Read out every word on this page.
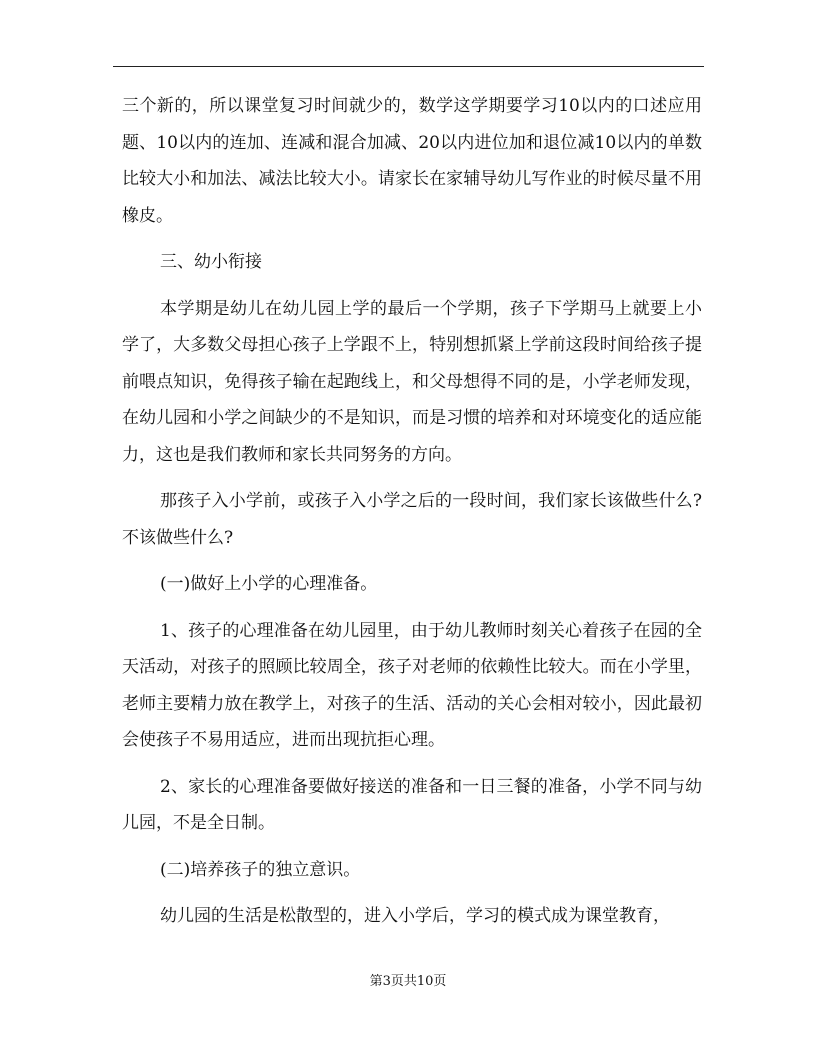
三个新的，所以课堂复习时间就少的，数学这学期要学习10以内的口述应用题、10以内的连加、连减和混合加减、20以内进位加和退位减10以内的单数比较大小和加法、减法比较大小。请家长在家辅导幼儿写作业的时候尽量不用橡皮。

三、幼小衔接

本学期是幼儿在幼儿园上学的最后一个学期，孩子下学期马上就要上小学了，大多数父母担心孩子上学跟不上，特别想抓紧上学前这段时间给孩子提前喂点知识，免得孩子输在起跑线上，和父母想得不同的是，小学老师发现，在幼儿园和小学之间缺少的不是知识，而是习惯的培养和对环境变化的适应能力，这也是我们教师和家长共同努务的方向。

那孩子入小学前，或孩子入小学之后的一段时间，我们家长该做些什么?不该做些什么?

(一)做好上小学的心理准备。

1、孩子的心理准备在幼儿园里，由于幼儿教师时刻关心着孩子在园的全天活动，对孩子的照顾比较周全，孩子对老师的依赖性比较大。而在小学里，老师主要精力放在教学上，对孩子的生活、活动的关心会相对较小，因此最初会使孩子不易用适应，进而出现抗拒心理。

2、家长的心理准备要做好接送的准备和一日三餐的准备，小学不同与幼儿园，不是全日制。

(二)培养孩子的独立意识。

幼儿园的生活是松散型的，进入小学后，学习的模式成为课堂教育，

第3页共10页
